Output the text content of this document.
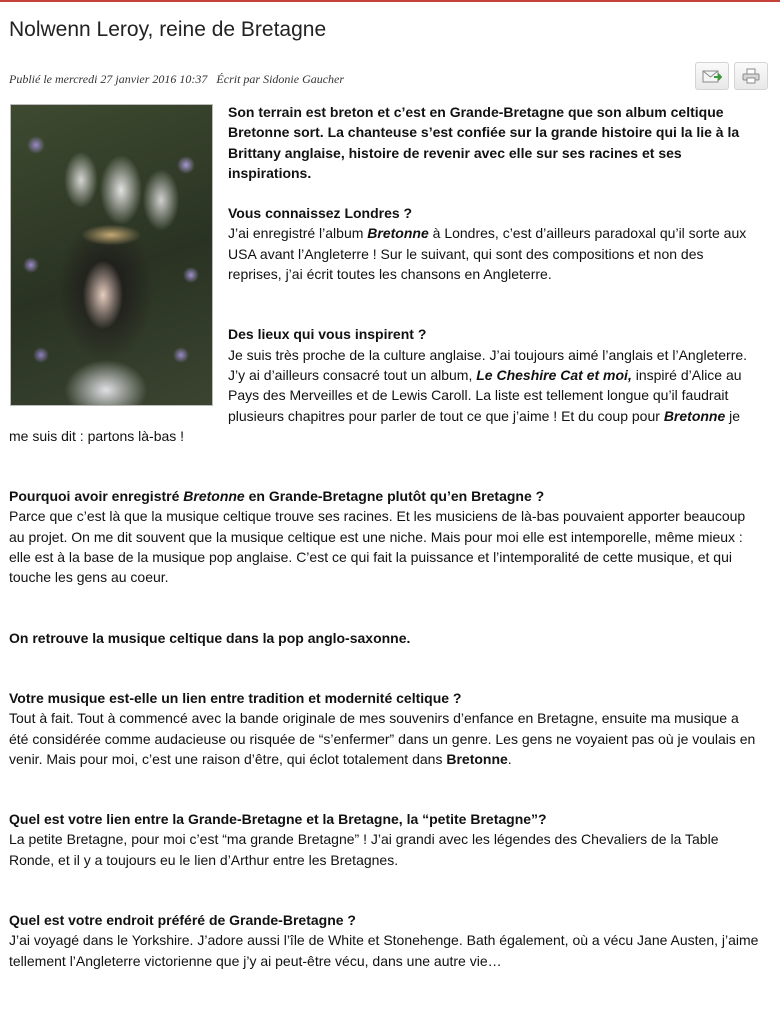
Nolwenn Leroy, reine de Bretagne
Publié le mercredi 27 janvier 2016 10:37 Écrit par Sidonie Gaucher

Son terrain est breton et c’est en Grande-Bretagne que son album celtique Bretonne sort. La chanteuse s’est confiée sur la grande histoire qui la lie à la Brittany anglaise, histoire de revenir avec elle sur ses racines et ses inspirations.

Vous connaissez Londres ?

J’ai enregistré l’album Bretonne à Londres, c’est d’ailleurs paradoxal qu’il sorte aux USA avant l’Angleterre ! Sur le suivant, qui sont des compositions et non des reprises, j’ai écrit toutes les chansons en Angleterre.

Des lieux qui vous inspirent ?

Je suis très proche de la culture anglaise. J’ai toujours aimé l’anglais et l’Angleterre. J’y ai d’ailleurs consacré tout un album, Le Cheshire Cat et moi, inspiré d’Alice au Pays des Merveilles et de Lewis Caroll. La liste est tellement longue qu’il faudrait plusieurs chapitres pour parler de tout ce que j’aime ! Et du coup pour Bretonne je me suis dit : partons là-bas !

Pourquoi avoir enregistré Bretonne en Grande-Bretagne plutôt qu’en Bretagne ?

Parce que c’est là que la musique celtique trouve ses racines. Et les musiciens de là-bas pouvaient apporter beaucoup au projet. On me dit souvent que la musique celtique est une niche. Mais pour moi elle est intemporelle, même mieux : elle est à la base de la musique pop anglaise. C’est ce qui fait la puissance et l’intemporalité de cette musique, et qui touche les gens au coeur.

On retrouve la musique celtique dans la pop anglo-saxonne.

Votre musique est-elle un lien entre tradition et modernité celtique ?

Tout à fait. Tout à commencé avec la bande originale de mes souvenirs d’enfance en Bretagne, ensuite ma musique a été considérée comme audacieuse ou risquée de “s’enfermer” dans un genre. Les gens ne voyaient pas où je voulais en venir. Mais pour moi, c’est une raison d’être, qui éclot totalement dans Bretonne.

Quel est votre lien entre la Grande-Bretagne et la Bretagne, la “petite Bretagne”?

La petite Bretagne, pour moi c’est “ma grande Bretagne” ! J’ai grandi avec les légendes des Chevaliers de la Table Ronde, et il y a toujours eu le lien d’Arthur entre les Bretagnes.

Quel est votre endroit préféré de Grande-Bretagne ?

J’ai voyagé dans le Yorkshire. J’adore aussi l’île de White et Stonehenge. Bath également, où a vécu Jane Austen, j’aime tellement l’Angleterre victorienne que j’y ai peut-être vécu, dans une autre vie…
